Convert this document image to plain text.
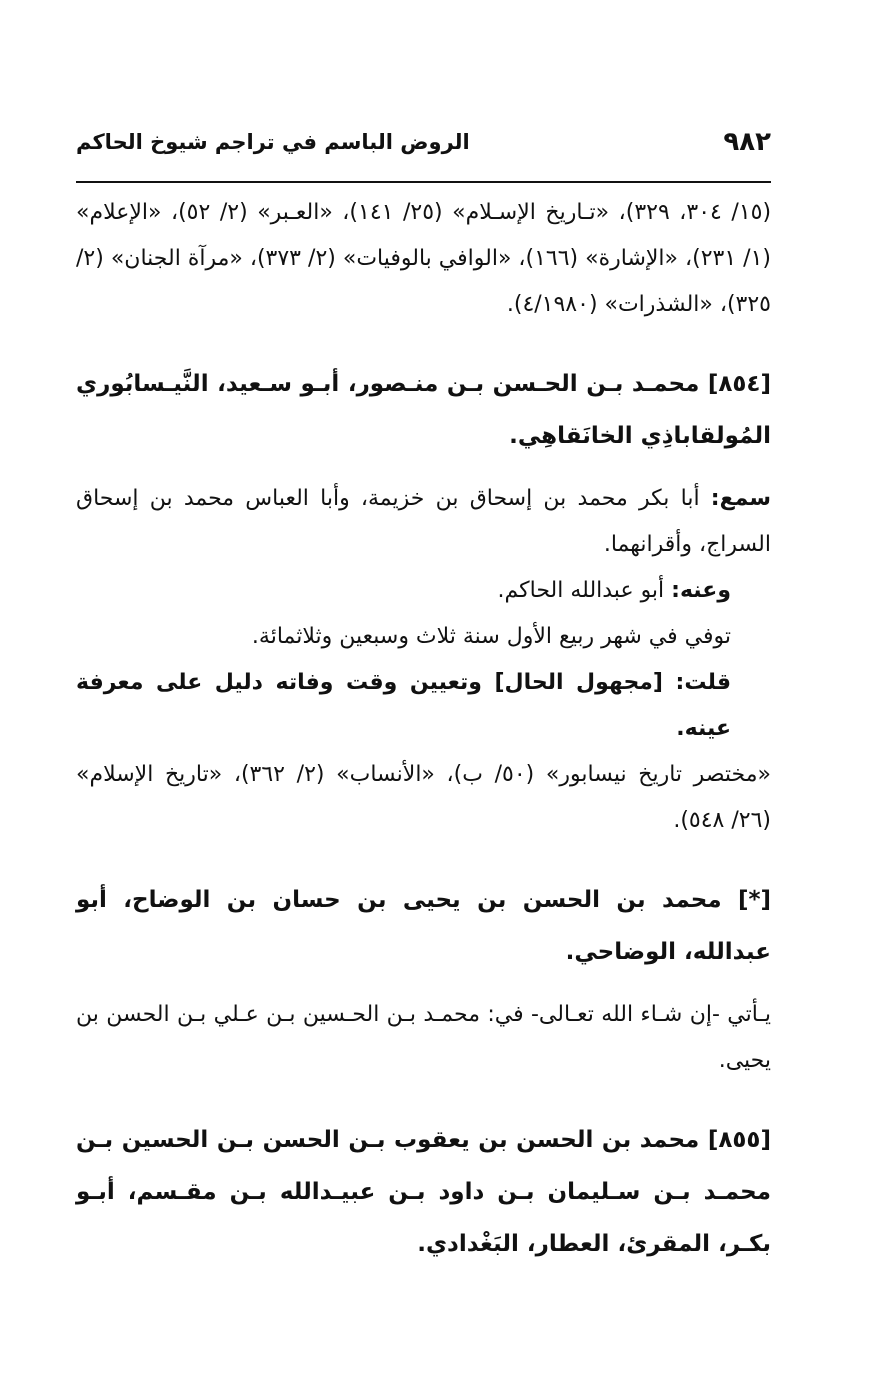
٩٨٢
الروض الباسم في تراجم شيوخ الحاكم

(١٥/ ٣٠٤، ٣٢٩)، «تـاريخ الإسـلام» (٢٥/ ١٤١)، «العـبر» (٢/ ٥٢)، «الإعلام» (١/ ٢٣١)، «الإشارة» (١٦٦)، «الوافي بالوفيات» (٢/ ٣٧٣)، «مرآة الجنان» (٢/ ٣٢٥)، «الشذرات» (٤/١٩٨٠).

[٨٥٤] محمـد بـن الحـسن بـن منـصور، أبـو سـعيد، النَّيـسابُوري المُولقاباذِي الخانَقاهِي.

سمع: أبا بكر محمد بن إسحاق بن خزيمة، وأبا العباس محمد بن إسحاق السراج، وأقرانهما.

وعنه: أبو عبدالله الحاكم.

توفي في شهر ربيع الأول سنة ثلاث وسبعين وثلاثمائة.

قلت: [مجهول الحال] وتعيين وقت وفاته دليل على معرفة عينه.

«مختصر تاريخ نيسابور» (٥٠/ ب)، «الأنساب» (٢/ ٣٦٢)، «تاريخ الإسلام» (٢٦/ ٥٤٨).

[*] محمد بن الحسن بن يحيى بن حسان بن الوضاح، أبو عبدالله، الوضاحي.

يـأتي -إن شـاء الله تعـالى- في: محمـد بـن الحـسين بـن عـلي بـن الحسن بن يحيى.

[٨٥٥] محمد بن الحسن بن يعقوب بـن الحسن بـن الحسين بـن محمـد بـن سـليمان بـن داود بـن عبيـدالله بـن مقـسم، أبـو بكـر، المقرئ، العطار، البَغْدادي.
